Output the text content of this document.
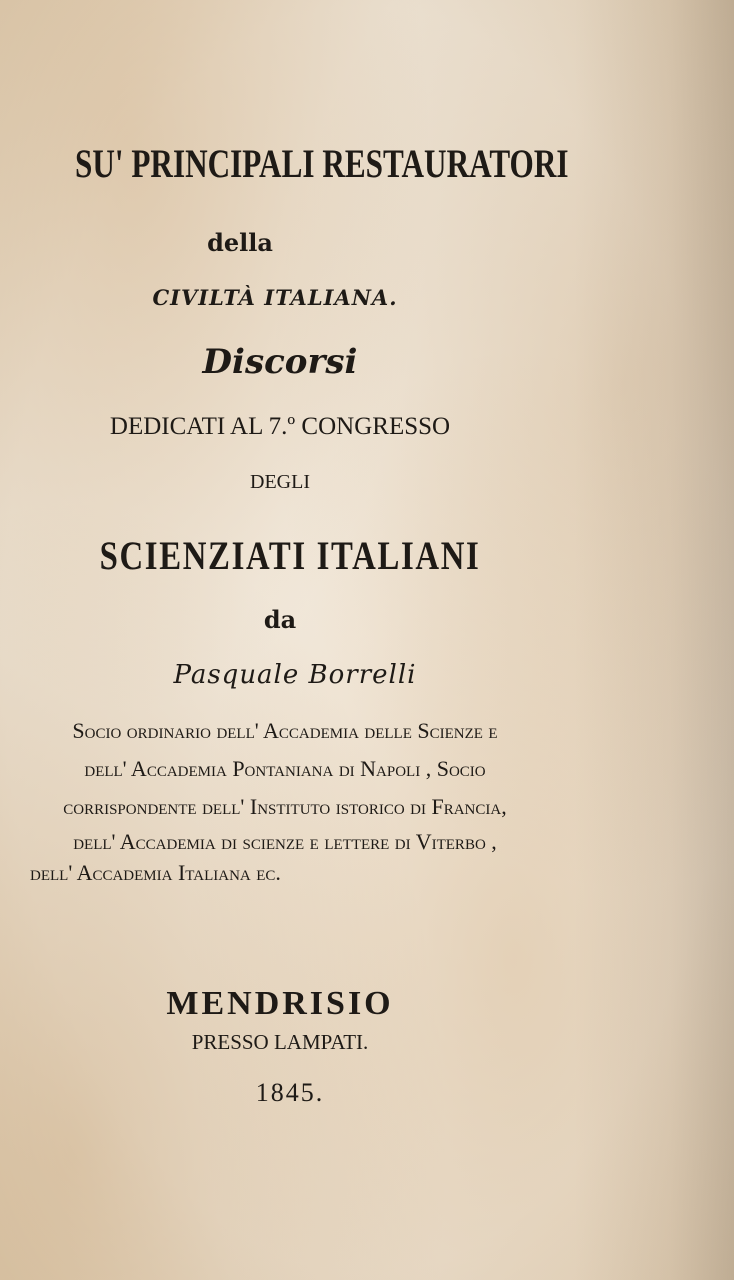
SU' PRINCIPALI RESTAURATORI
della
CIVILTÀ ITALIANA.
Discorsi
DEDICATI AL 7.º CONGRESSO
DEGLI
SCIENZIATI ITALIANI
da
Pasquale Borrelli
Socio ordinario dell' Accademia delle Scienze e
dell' Accademia Pontaniana di Napoli , Socio
corrispondente dell' Instituto istorico di Francia,
dell' Accademia di scienze e lettere di Viterbo ,
dell' Accademia Italiana ec.
MENDRISIO
PRESSO LAMPATI.
1845.
